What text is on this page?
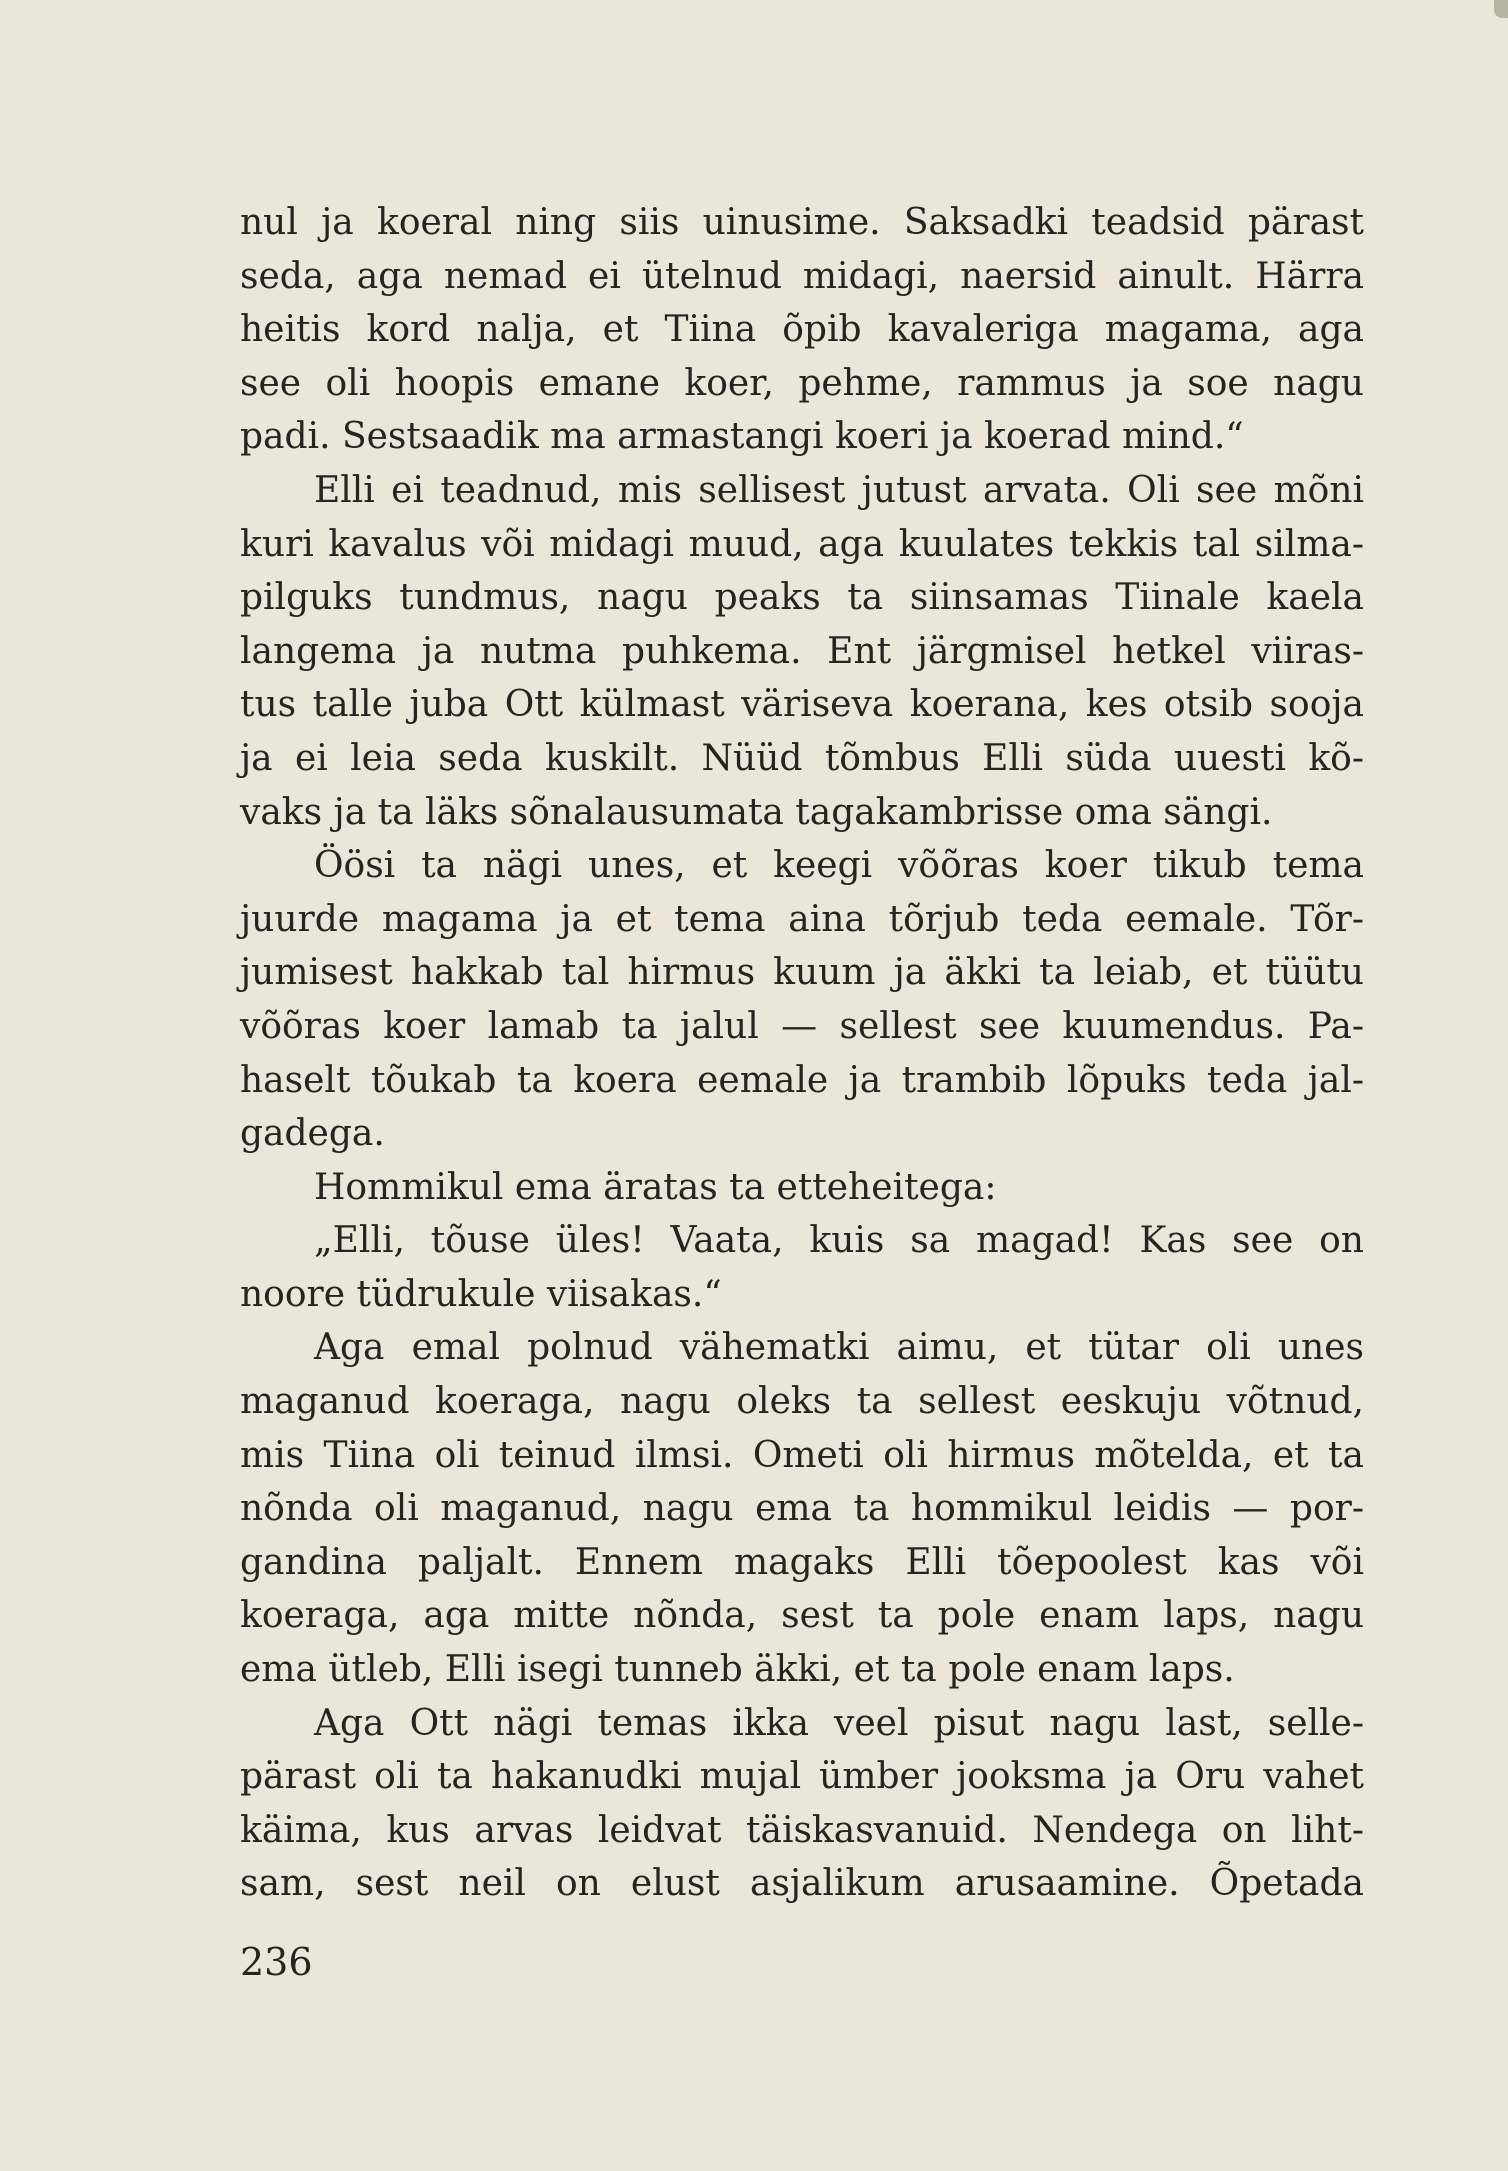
nul ja koeral ning siis uinusime. Saksadki teadsid pärast
seda, aga nemad ei ütelnud midagi, naersid ainult. Härra
heitis kord nalja, et Tiina õpib kavaleriga magama, aga
see oli hoopis emane koer, pehme, rammus ja soe nagu
padi. Sestsaadik ma armastangi koeri ja koerad mind.“
Elli ei teadnud, mis sellisest jutust arvata. Oli see mõni
kuri kavalus või midagi muud, aga kuulates tekkis tal silma-
pilguks tundmus, nagu peaks ta siinsamas Tiinale kaela
langema ja nutma puhkema. Ent järgmisel hetkel viiras-
tus talle juba Ott külmast väriseva koerana, kes otsib sooja
ja ei leia seda kuskilt. Nüüd tõmbus Elli süda uuesti kõ-
vaks ja ta läks sõnalausumata tagakambrisse oma sängi.
Öösi ta nägi unes, et keegi võõras koer tikub tema
juurde magama ja et tema aina tõrjub teda eemale. Tõr-
jumisest hakkab tal hirmus kuum ja äkki ta leiab, et tüütu
võõras koer lamab ta jalul — sellest see kuumendus. Pa-
haselt tõukab ta koera eemale ja trambib lõpuks teda jal-
gadega.
Hommikul ema äratas ta etteheitega:
„Elli, tõuse üles! Vaata, kuis sa magad! Kas see on
noore tüdrukule viisakas.“
Aga emal polnud vähematki aimu, et tütar oli unes
maganud koeraga, nagu oleks ta sellest eeskuju võtnud,
mis Tiina oli teinud ilmsi. Ometi oli hirmus mõtelda, et ta
nõnda oli maganud, nagu ema ta hommikul leidis — por-
gandina paljalt. Ennem magaks Elli tõepoolest kas või
koeraga, aga mitte nõnda, sest ta pole enam laps, nagu
ema ütleb, Elli isegi tunneb äkki, et ta pole enam laps.
Aga Ott nägi temas ikka veel pisut nagu last, selle-
pärast oli ta hakanudki mujal ümber jooksma ja Oru vahet
käima, kus arvas leidvat täiskasvanuid. Nendega on liht-
sam, sest neil on elust asjalikum arusaamine. Õpetada
236
